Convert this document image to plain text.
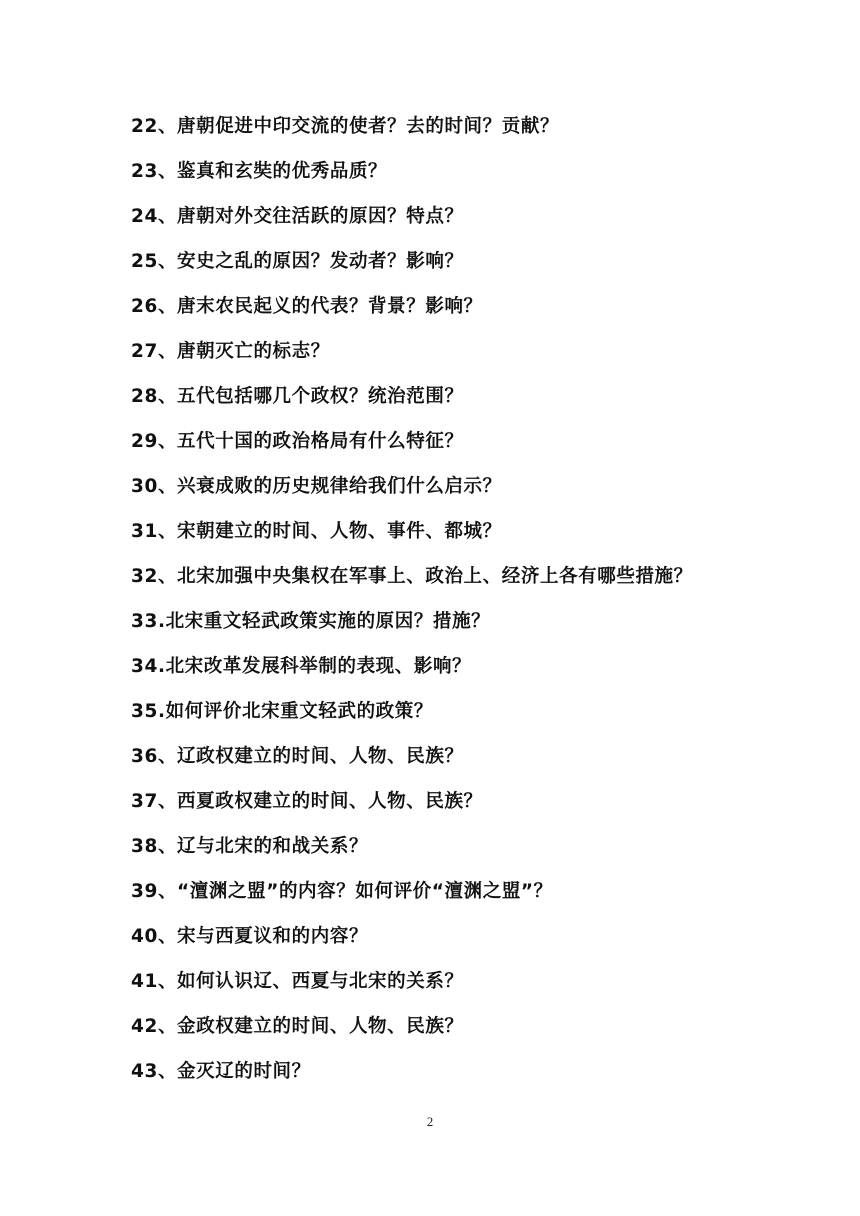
22、唐朝促进中印交流的使者？去的时间？贡献？
23、鉴真和玄奘的优秀品质？
24、唐朝对外交往活跃的原因？特点？
25、安史之乱的原因？发动者？影响？
26、唐末农民起义的代表？背景？影响？
27、唐朝灭亡的标志？
28、五代包括哪几个政权？统治范围？
29、五代十国的政治格局有什么特征？
30、兴衰成败的历史规律给我们什么启示？
31、宋朝建立的时间、人物、事件、都城？
32、北宋加强中央集权在军事上、政治上、经济上各有哪些措施？
33.北宋重文轻武政策实施的原因？措施？
34.北宋改革发展科举制的表现、影响？
35.如何评价北宋重文轻武的政策？
36、辽政权建立的时间、人物、民族？
37、西夏政权建立的时间、人物、民族？
38、辽与北宋的和战关系？
39、“澶渊之盟”的内容？如何评价“澶渊之盟”？
40、宋与西夏议和的内容？
41、如何认识辽、西夏与北宋的关系？
42、金政权建立的时间、人物、民族？
43、金灭辽的时间？
2
